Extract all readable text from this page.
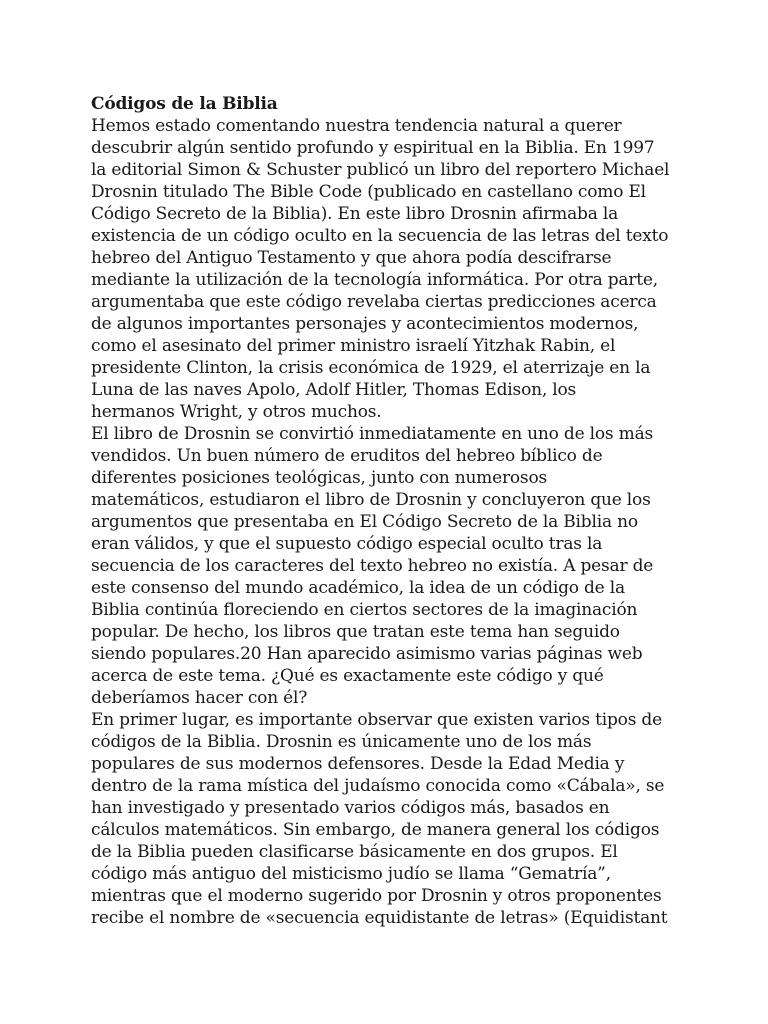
Códigos de la Biblia
Hemos estado comentando nuestra tendencia natural a querer
descubrir algún sentido profundo y espiritual en la Biblia. En 1997
la editorial Simon & Schuster publicó un libro del reportero Michael
Drosnin titulado The Bible Code (publicado en castellano como El
Código Secreto de la Biblia). En este libro Drosnin afirmaba la
existencia de un código oculto en la secuencia de las letras del texto
hebreo del Antiguo Testamento y que ahora podía descifrarse
mediante la utilización de la tecnología informática. Por otra parte,
argumentaba que este código revelaba ciertas predicciones acerca
de algunos importantes personajes y acontecimientos modernos,
como el asesinato del primer ministro israelí Yitzhak Rabin, el
presidente Clinton, la crisis económica de 1929, el aterrizaje en la
Luna de las naves Apolo, Adolf Hitler, Thomas Edison, los
hermanos Wright, y otros muchos.
El libro de Drosnin se convirtió inmediatamente en uno de los más
vendidos. Un buen número de eruditos del hebreo bíblico de
diferentes posiciones teológicas, junto con numerosos
matemáticos, estudiaron el libro de Drosnin y concluyeron que los
argumentos que presentaba en El Código Secreto de la Biblia no
eran válidos, y que el supuesto código especial oculto tras la
secuencia de los caracteres del texto hebreo no existía. A pesar de
este consenso del mundo académico, la idea de un código de la
Biblia continúa floreciendo en ciertos sectores de la imaginación
popular. De hecho, los libros que tratan este tema han seguido
siendo populares.20 Han aparecido asimismo varias páginas web
acerca de este tema. ¿Qué es exactamente este código y qué
deberíamos hacer con él?
En primer lugar, es importante observar que existen varios tipos de
códigos de la Biblia. Drosnin es únicamente uno de los más
populares de sus modernos defensores. Desde la Edad Media y
dentro de la rama mística del judaísmo conocida como «Cábala», se
han investigado y presentado varios códigos más, basados en
cálculos matemáticos. Sin embargo, de manera general los códigos
de la Biblia pueden clasificarse básicamente en dos grupos. El
código más antiguo del misticismo judío se llama “Gematría”,
mientras que el moderno sugerido por Drosnin y otros proponentes
recibe el nombre de «secuencia equidistante de letras» (Equidistant
